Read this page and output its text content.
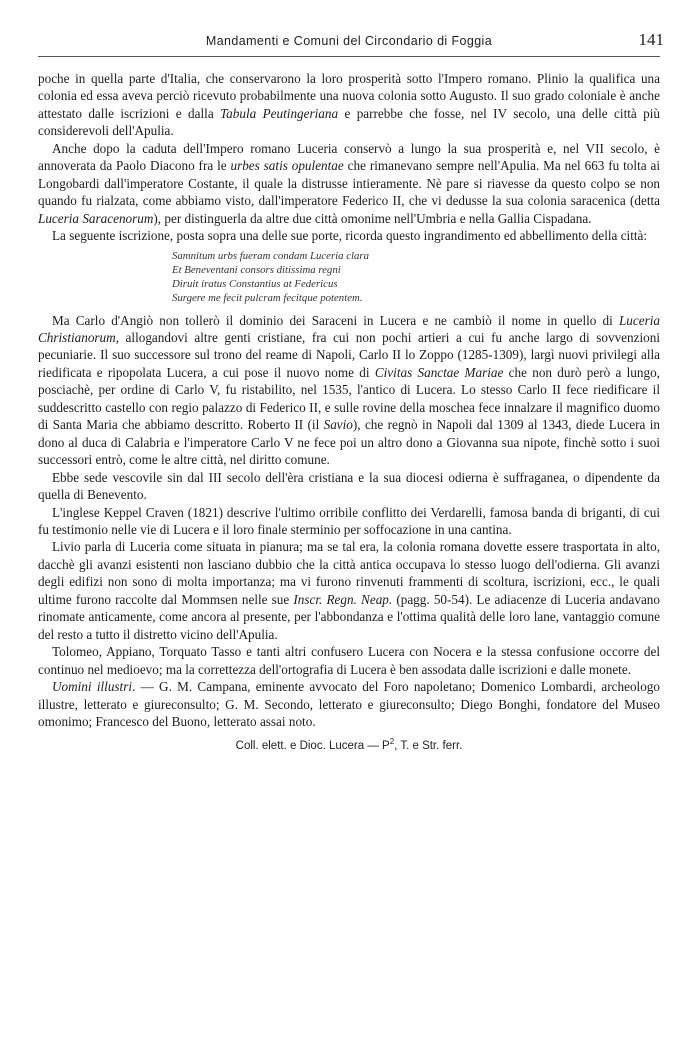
Mandamenti e Comuni del Circondario di Foggia	141

poche in quella parte d'Italia, che conservarono la loro prosperità sotto l'Impero romano. Plinio la qualifica una colonia ed essa aveva perciò ricevuto probabilmente una nuova colonia sotto Augusto. Il suo grado coloniale è anche attestato dalle iscrizioni e dalla Tabula Peutingeriana e parrebbe che fosse, nel IV secolo, una delle città più considerevoli dell'Apulia.

Anche dopo la caduta dell'Impero romano Luceria conservò a lungo la sua prosperità e, nel VII secolo, è annoverata da Paolo Diacono fra le urbes satis opulentae che rimanevano sempre nell'Apulia. Ma nel 663 fu tolta ai Longobardi dall'imperatore Costante, il quale la distrusse intieramente. Nè pare si riavesse da questo colpo se non quando fu rialzata, come abbiamo visto, dall'imperatore Federico II, che vi dedusse la sua colonia saracenica (detta Luceria Saracenorum), per distinguerla da altre due città omonime nell'Umbria e nella Gallia Cispadana.

La seguente iscrizione, posta sopra una delle sue porte, ricorda questo ingrandimento ed abbellimento della città:

Samnitum urbs fueram condam Luceria clara
Et Beneventani consors ditissima regni
Diruit iratus Constantius at Federicus
Surgere me fecit pulcram fecitque potentem.

Ma Carlo d'Angiò non tollerò il dominio dei Saraceni in Lucera e ne cambiò il nome in quello di Luceria Christianorum, allogandovi altre genti cristiane, fra cui non pochi artieri a cui fu anche largo di sovvenzioni pecuniarie. Il suo successore sul trono del reame di Napoli, Carlo II lo Zoppo (1285-1309), largì nuovi privilegi alla riedificata e ripopolata Lucera, a cui pose il nuovo nome di Civitas Sanctae Mariae che non durò però a lungo, posciachè, per ordine di Carlo V, fu ristabilito, nel 1535, l'antico di Lucera. Lo stesso Carlo II fece riedificare il suddescritto castello con regio palazzo di Federico II, e sulle rovine della moschea fece innalzare il magnifico duomo di Santa Maria che abbiamo descritto. Roberto II (il Savio), che regnò in Napoli dal 1309 al 1343, diede Lucera in dono al duca di Calabria e l'imperatore Carlo V ne fece poi un altro dono a Giovanna sua nipote, finchè sotto i suoi successori entrò, come le altre città, nel diritto comune.

Ebbe sede vescovile sin dal III secolo dell'èra cristiana e la sua diocesi odierna è suffraganea, o dipendente da quella di Benevento.

L'inglese Keppel Craven (1821) descrive l'ultimo orribile conflitto dei Verdarelli, famosa banda di briganti, di cui fu testimonio nelle vie di Lucera e il loro finale sterminio per soffocazione in una cantina.

Livio parla di Luceria come situata in pianura; ma se tal era, la colonia romana dovette essere trasportata in alto, dacchè gli avanzi esistenti non lasciano dubbio che la città antica occupava lo stesso luogo dell'odierna. Gli avanzi degli edifizi non sono di molta importanza; ma vi furono rinvenuti frammenti di scoltura, iscrizioni, ecc., le quali ultime furono raccolte dal Mommsen nelle sue Inscr. Regn. Neap. (pagg. 50-54). Le adiacenze di Luceria andavano rinomate anticamente, come ancora al presente, per l'abbondanza e l'ottima qualità delle loro lane, vantaggio comune del resto a tutto il distretto vicino dell'Apulia.

Tolomeo, Appiano, Torquato Tasso e tanti altri confusero Lucera con Nocera e la stessa confusione occorre del continuo nel medioevo; ma la correttezza dell'ortografia di Lucera è ben assodata dalle iscrizioni e dalle monete.

Uomini illustri. — G. M. Campana, eminente avvocato del Foro napoletano; Domenico Lombardi, archeologo illustre, letterato e giureconsulto; G. M. Secondo, letterato e giureconsulto; Diego Bonghi, fondatore del Museo omonimo; Francesco del Buono, letterato assai noto.

Coll. elett. e Dioc. Lucera — $P^2$, T. e Str. ferr.
